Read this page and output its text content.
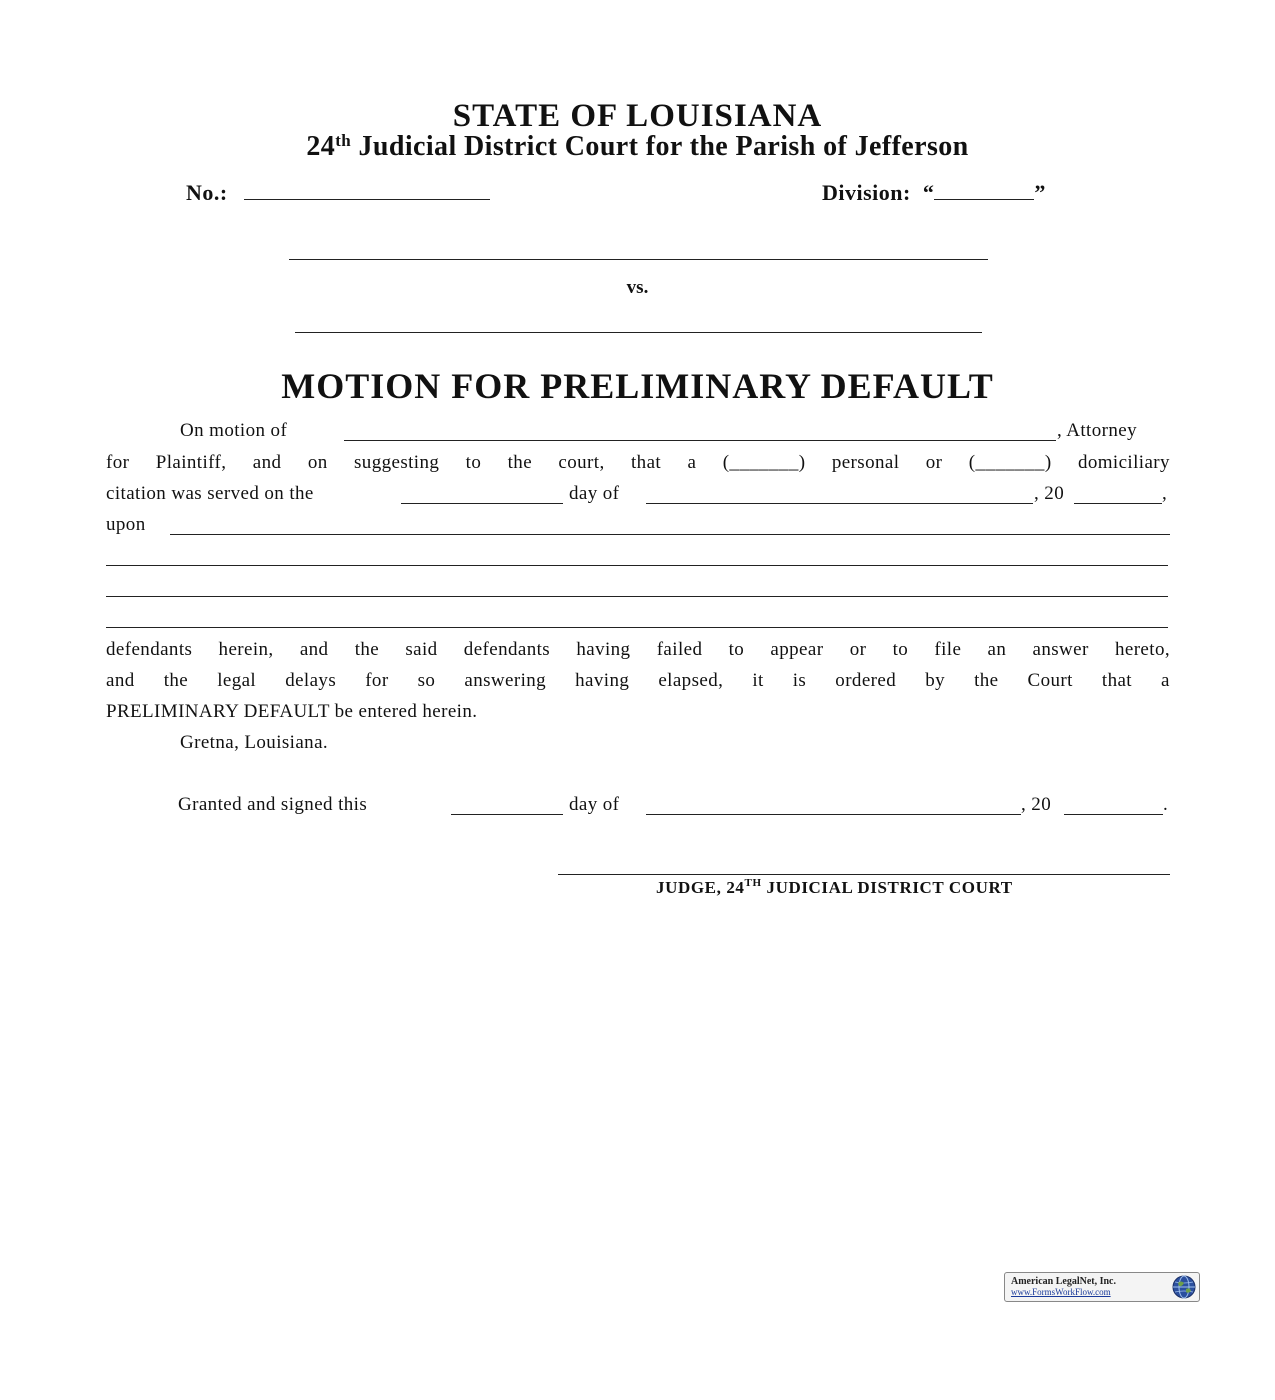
STATE OF LOUISIANA
24th Judicial District Court for the Parish of Jefferson
No.:	Division: “	”
vs.
MOTION FOR PRELIMINARY DEFAULT
On motion of	, Attorney
for Plaintiff, and on suggesting to the court, that a (_______) personal or (_______) domiciliary
citation was served on the	day of	, 20	,
upon
defendants herein, and the said defendants having failed to appear or to file an answer hereto,
and the legal delays for so answering having elapsed, it is ordered by the Court that a
PRELIMINARY DEFAULT be entered herein.
Gretna, Louisiana.
Granted and signed this	day of	, 20	.
JUDGE, 24TH JUDICIAL DISTRICT COURT
American LegalNet, Inc.
www.FormsWorkFlow.com
